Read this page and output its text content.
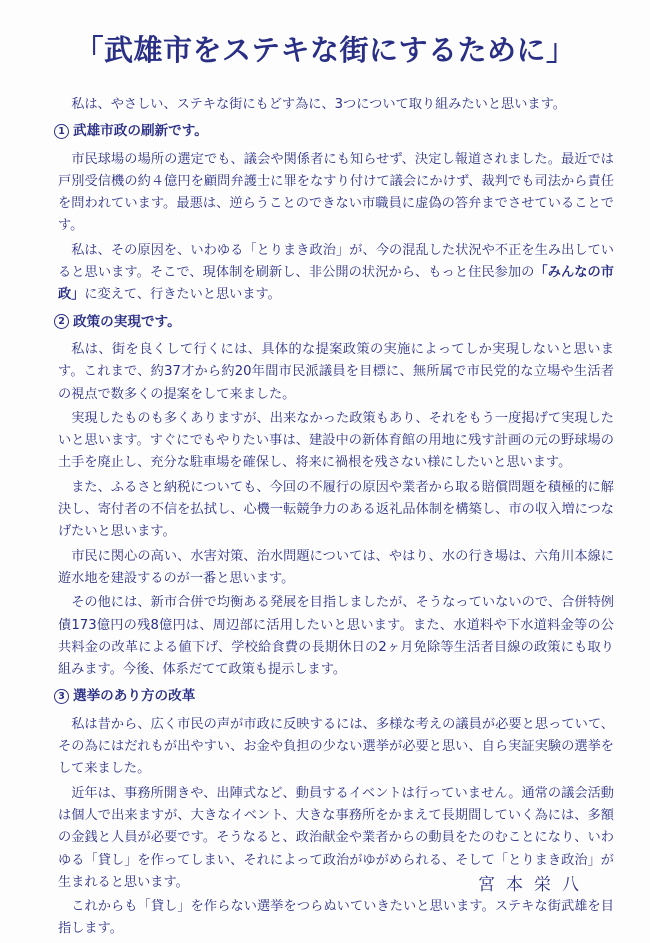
「武雄市をステキな街にするために」

私は、やさしい、ステキな街にもどす為に、3つについて取り組みたいと思います。

1 武雄市政の刷新です。

市民球場の場所の選定でも、議会や関係者にも知らせず、決定し報道されました。最近では戸別受信機の約４億円を顧問弁護士に罪をなすり付けて議会にかけず、裁判でも司法から責任を問われています。最悪は、逆らうことのできない市職員に虚偽の答弁までさせていることです。

私は、その原因を、いわゆる「とりまき政治」が、今の混乱した状況や不正を生み出していると思います。そこで、現体制を刷新し、非公開の状況から、もっと住民参加の「みんなの市政」に変えて、行きたいと思います。

2 政策の実現です。

私は、街を良くして行くには、具体的な提案政策の実施によってしか実現しないと思います。これまで、約37才から約20年間市民派議員を目標に、無所属で市民党的な立場や生活者の視点で数多くの提案をして来ました。

実現したものも多くありますが、出来なかった政策もあり、それをもう一度掲げて実現したいと思います。すぐにでもやりたい事は、建設中の新体育館の用地に残す計画の元の野球場の土手を廃止し、充分な駐車場を確保し、将来に禍根を残さない様にしたいと思います。

また、ふるさと納税についても、今回の不履行の原因や業者から取る賠償問題を積極的に解決し、寄付者の不信を払拭し、心機一転競争力のある返礼品体制を構築し、市の収入増につなげたいと思います。

市民に関心の高い、水害対策、治水問題については、やはり、水の行き場は、六角川本線に遊水地を建設するのが一番と思います。

その他には、新市合併で均衡ある発展を目指しましたが、そうなっていないので、合併特例債173億円の残8億円は、周辺部に活用したいと思います。また、水道料や下水道料金等の公共料金の改革による値下げ、学校給食費の長期休日の2ヶ月免除等生活者目線の政策にも取り組みます。今後、体系だてて政策も提示します。

3 選挙のあり方の改革

私は昔から、広く市民の声が市政に反映するには、多様な考えの議員が必要と思っていて、その為にはだれもが出やすい、お金や負担の少ない選挙が必要と思い、自ら実証実験の選挙をして来ました。

近年は、事務所開きや、出陣式など、動員するイベントは行っていません。通常の議会活動は個人で出来ますが、大きなイベント、大きな事務所をかまえて長期間していく為には、多額の金銭と人員が必要です。そうなると、政治献金や業者からの動員をたのむことになり、いわゆる「貸し」を作ってしまい、それによって政治がゆがめられる、そして「とりまき政治」が生まれると思います。

これからも「貸し」を作らない選挙をつらぬいていきたいと思います。ステキな街武雄を目指します。

宮本栄八
